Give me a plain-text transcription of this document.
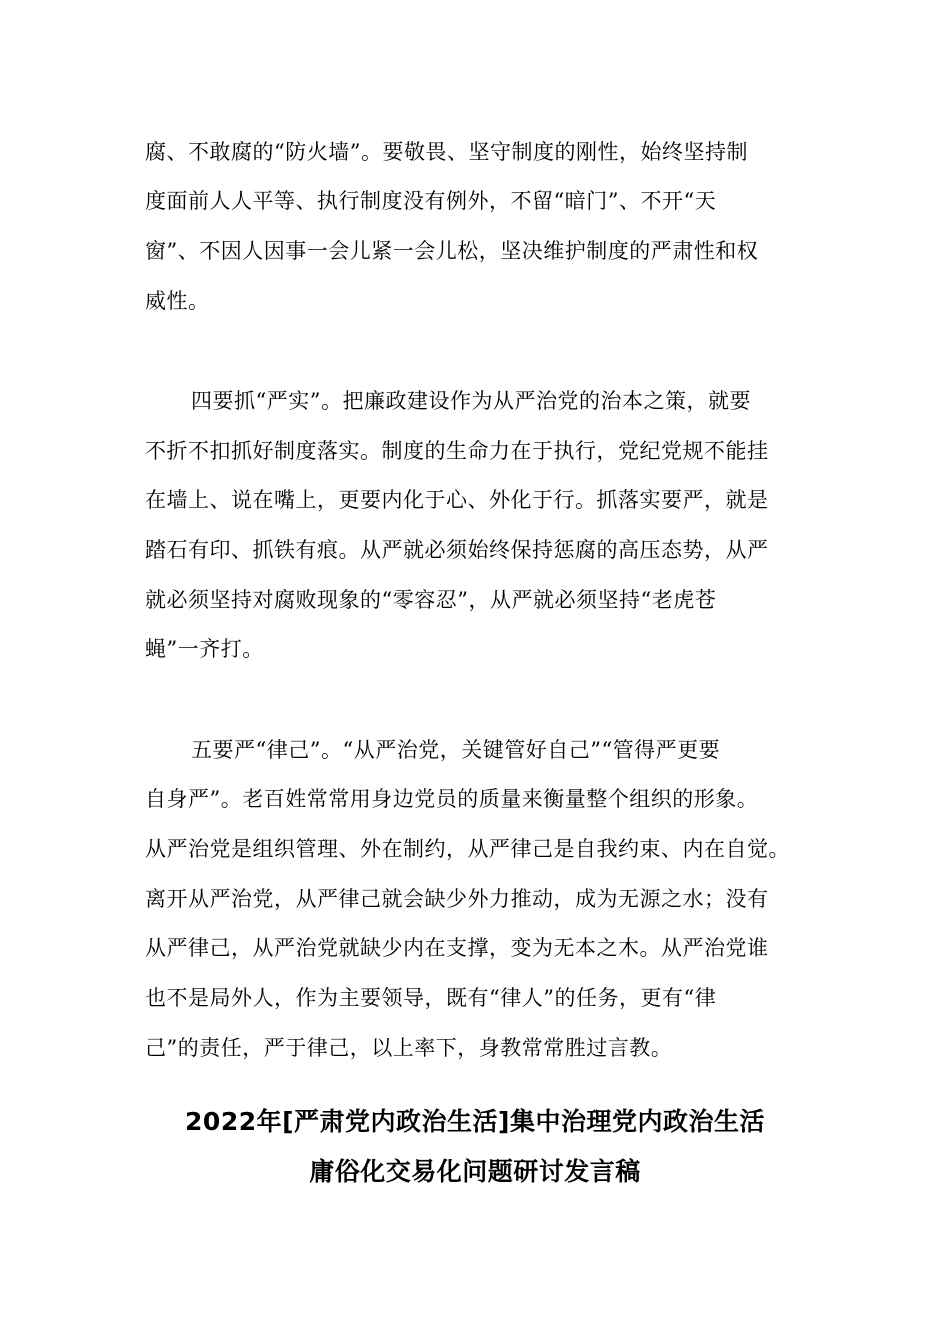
腐、不敢腐的“防火墙”。要敬畏、坚守制度的刚性，始终坚持制
度面前人人平等、执行制度没有例外，不留“暗门”、不开“天
窗”、不因人因事一会儿紧一会儿松，坚决维护制度的严肃性和权
威性。
四要抓“严实”。把廉政建设作为从严治党的治本之策，就要
不折不扣抓好制度落实。制度的生命力在于执行，党纪党规不能挂
在墙上、说在嘴上，更要内化于心、外化于行。抓落实要严，就是
踏石有印、抓铁有痕。从严就必须始终保持惩腐的高压态势，从严
就必须坚持对腐败现象的“零容忍”，从严就必须坚持“老虎苍
蝇”一齐打。
五要严“律己”。“从严治党，关键管好自己”“管得严更要
自身严”。老百姓常常用身边党员的质量来衡量整个组织的形象。
从严治党是组织管理、外在制约，从严律己是自我约束、内在自觉。
离开从严治党，从严律己就会缺少外力推动，成为无源之水；没有
从严律己，从严治党就缺少内在支撑，变为无本之木。从严治党谁
也不是局外人，作为主要领导，既有“律人”的任务，更有“律
己”的责任，严于律己，以上率下，身教常常胜过言教。
2022年[严肃党内政治生活]集中治理党内政治生活
庸俗化交易化问题研讨发言稿
